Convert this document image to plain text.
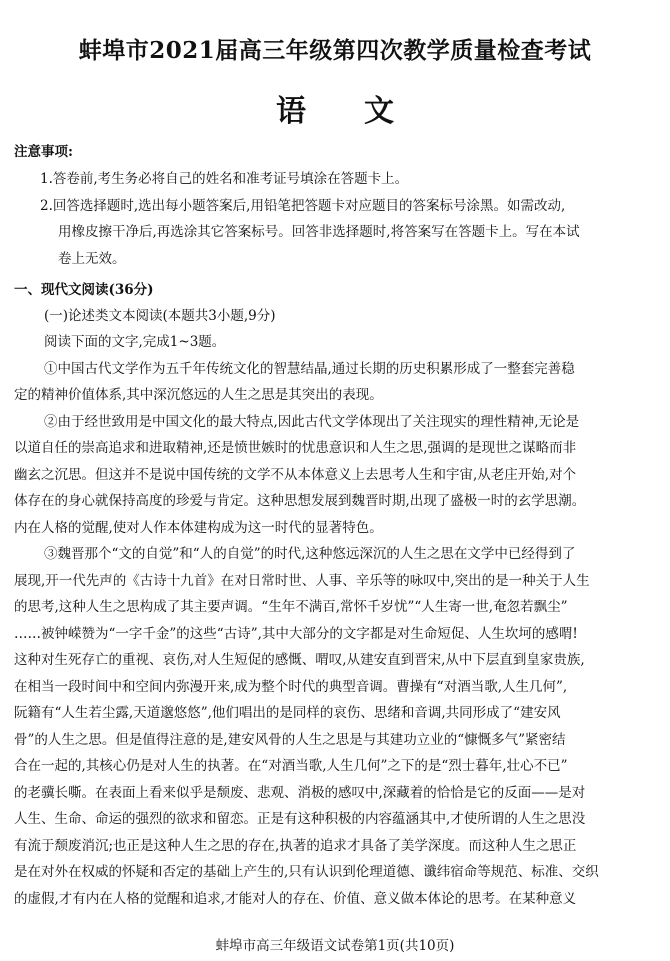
蚌埠市2021届高三年级第四次教学质量检查考试
语文
注意事项:
1.答卷前,考生务必将自己的姓名和准考证号填涂在答题卡上。
2.回答选择题时,选出每小题答案后,用铅笔把答题卡对应题目的答案标号涂黑。如需改动,
用橡皮擦干净后,再选涂其它答案标号。回答非选择题时,将答案写在答题卡上。写在本试
卷上无效。
一、现代文阅读(36分)
(一)论述类文本阅读(本题共3小题,9分)
阅读下面的文字,完成1~3题。
①中国古代文学作为五千年传统文化的智慧结晶,通过长期的历史积累形成了一整套完善稳
定的精神价值体系,其中深沉悠远的人生之思是其突出的表现。
②由于经世致用是中国文化的最大特点,因此古代文学体现出了关注现实的理性精神,无论是
以道自任的崇高追求和进取精神,还是愤世嫉时的忧患意识和人生之思,强调的是现世之谋略而非
幽玄之沉思。但这并不是说中国传统的文学不从本体意义上去思考人生和宇宙,从老庄开始,对个
体存在的身心就保持高度的珍爱与肯定。这种思想发展到魏晋时期,出现了盛极一时的玄学思潮。
内在人格的觉醒,使对人作本体建构成为这一时代的显著特色。
③魏晋那个“文的自觉”和“人的自觉”的时代,这种悠远深沉的人生之思在文学中已经得到了
展现,开一代先声的《古诗十九首》在对日常时世、人事、辛乐等的咏叹中,突出的是一种关于人生
的思考,这种人生之思构成了其主要声调。“生年不满百,常怀千岁忧”“人生寄一世,奄忽若飘尘”
……被钟嵘赞为“一字千金”的这些“古诗”,其中大部分的文字都是对生命短促、人生坎坷的感喟!
这种对生死存亡的重视、哀伤,对人生短促的感慨、喟叹,从建安直到晋宋,从中下层直到皇家贵族,
在相当一段时间中和空间内弥漫开来,成为整个时代的典型音调。曹操有“对酒当歌,人生几何”,
阮籍有“人生若尘露,天道邈悠悠”,他们唱出的是同样的哀伤、思绪和音调,共同形成了“建安风
骨”的人生之思。但是值得注意的是,建安风骨的人生之思是与其建功立业的“慷慨多气”紧密结
合在一起的,其核心仍是对人生的执著。在“对酒当歌,人生几何”之下的是“烈士暮年,壮心不已”
的老骥长嘶。在表面上看来似乎是颓废、悲观、消极的感叹中,深藏着的恰恰是它的反面——是对
人生、生命、命运的强烈的欲求和留恋。正是有这种积极的内容蕴涵其中,才使所谓的人生之思没
有流于颓废消沉;也正是这种人生之思的存在,执著的追求才具备了美学深度。而这种人生之思正
是在对外在权威的怀疑和否定的基础上产生的,只有认识到伦理道德、谶纬宿命等规范、标准、交织
的虚假,才有内在人格的觉醒和追求,才能对人的存在、价值、意义做本体论的思考。在某种意义
蚌埠市高三年级语文试卷第1页(共10页)
